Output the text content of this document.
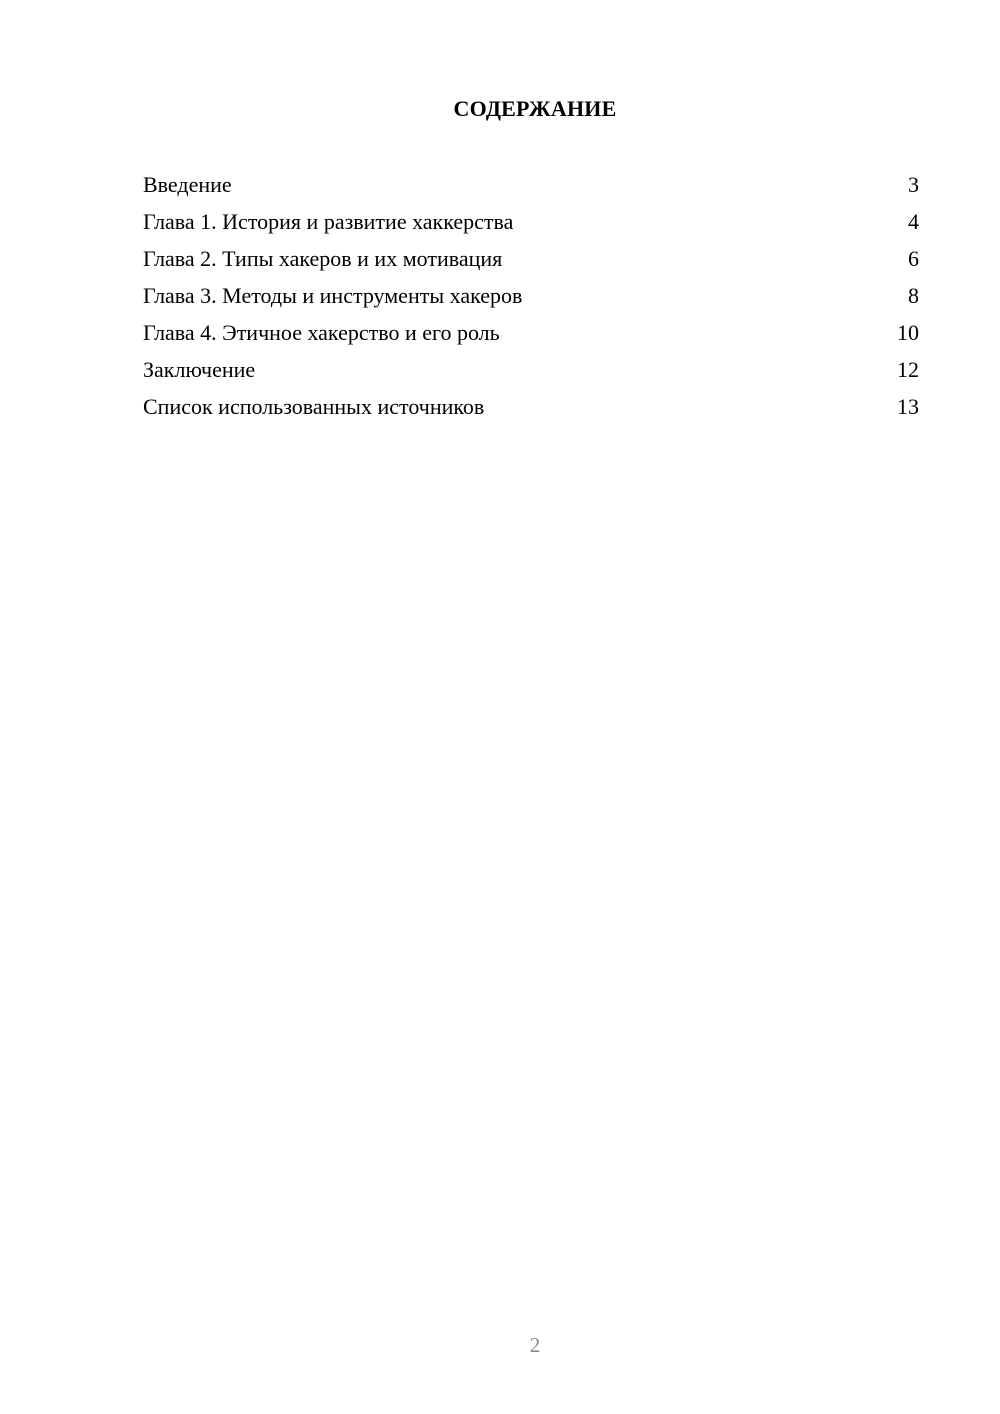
СОДЕРЖАНИЕ
Введение	3
Глава 1. История и развитие хаккерства	4
Глава 2. Типы хакеров и их мотивация	6
Глава 3. Методы и инструменты хакеров	8
Глава 4. Этичное хакерство и его роль	10
Заключение	12
Список использованных источников	13
2
